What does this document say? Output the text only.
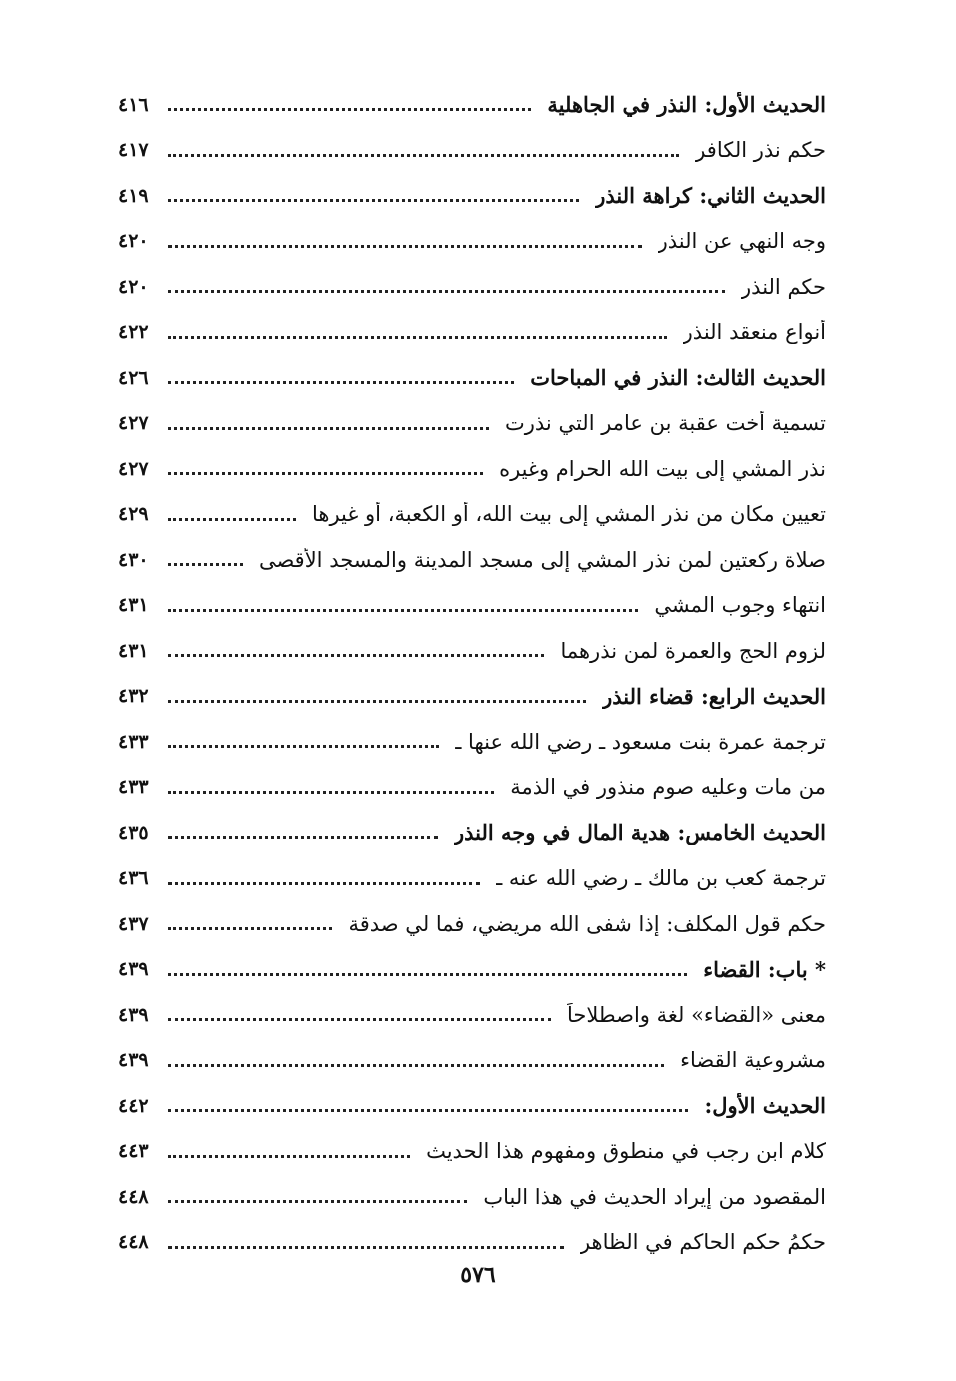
٤١٦	الحديث الأول: النذر في الجاهلية
٤١٧	حكم نذر الكافر
٤١٩	الحديث الثاني: كراهة النذر
٤٢٠	وجه النهي عن النذر
٤٢٠	حكم النذر
٤٢٢	أنواع منعقد النذر
٤٢٦	الحديث الثالث: النذر في المباحات
٤٢٧	تسمية أخت عقبة بن عامر التي نذرت
٤٢٧	نذر المشي إلى بيت الله الحرام وغيره
٤٢٩	تعيين مكان من نذر المشي إلى بيت الله، أو الكعبة، أو غيرها
٤٣٠	صلاة ركعتين لمن نذر المشي إلى مسجد المدينة والمسجد الأقصى
٤٣١	انتهاء وجوب المشي
٤٣١	لزوم الحج والعمرة لمن نذرهما
٤٣٢	الحديث الرابع: قضاء النذر
٤٣٣	ترجمة عمرة بنت مسعود ـ رضي الله عنها ـ
٤٣٣	من مات وعليه صوم منذور في الذمة
٤٣٥	الحديث الخامس: هدية المال في وجه النذر
٤٣٦	ترجمة كعب بن مالك ـ رضي الله عنه ـ
٤٣٧	حكم قول المكلف: إذا شفى الله مريضي، فما لي صدقة
٤٣٩	* باب: القضاء
٤٣٩	معنى «القضاء» لغة واصطلاحاً
٤٣٩	مشروعية القضاء
٤٤٢	الحديث الأول:
٤٤٣	كلام ابن رجب في منطوق ومفهوم هذا الحديث
٤٤٨	المقصود من إيراد الحديث في هذا الباب
٤٤٨	حكمُ حكمِ الحاكم في الظاهر
٥٧٦
